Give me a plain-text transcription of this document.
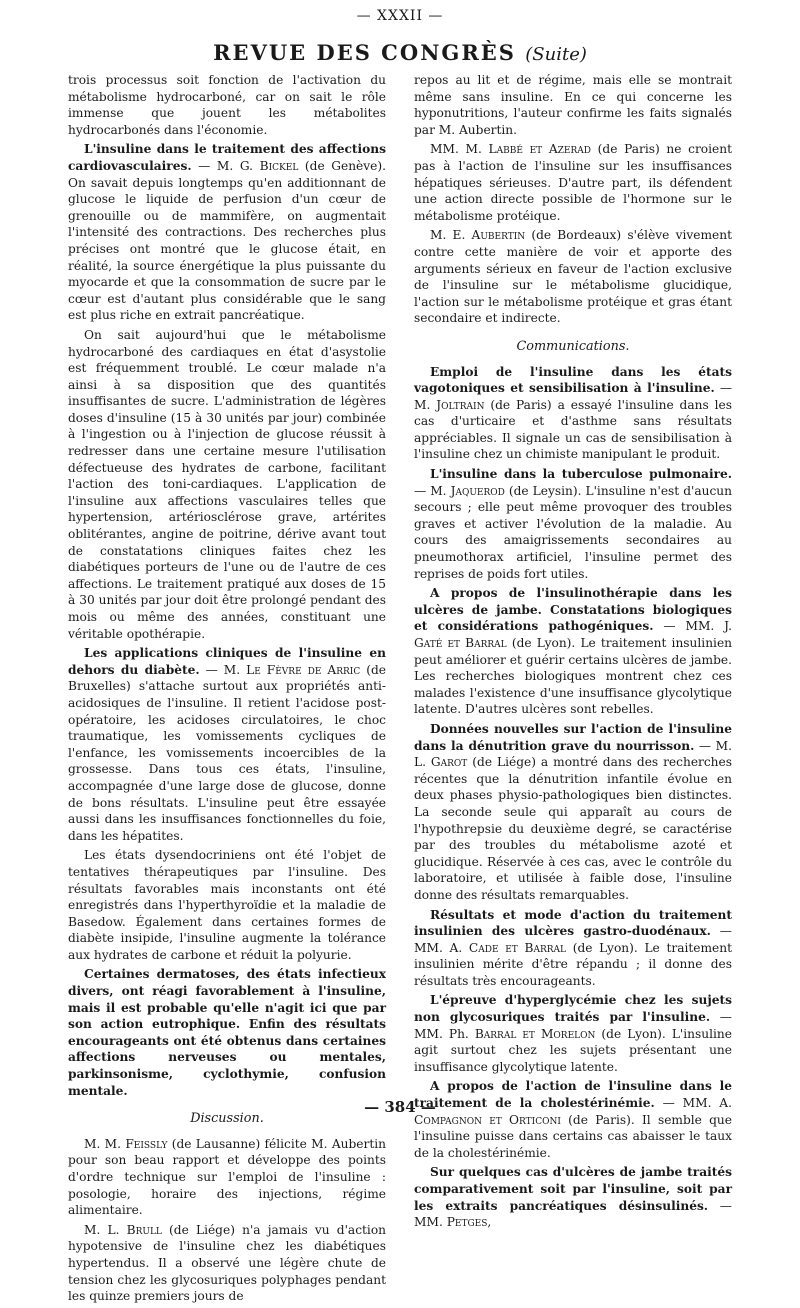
— XXXII —
REVUE DES CONGRÈS (Suite)

trois processus soit fonction de l'activation du métabolisme hydrocarboné, car on sait le rôle immense que jouent les métabolites hydrocarbonés dans l'économie.

L'insuline dans le traitement des affections cardiovasculaires. — M. G. Bickel (de Genève). On savait depuis longtemps qu'en additionnant de glucose le liquide de perfusion d'un cœur de grenouille ou de mammifère, on augmentait l'intensité des contractions. Des recherches plus précises ont montré que le glucose était, en réalité, la source énergétique la plus puissante du myocarde et que la consommation de sucre par le cœur est d'autant plus considérable que le sang est plus riche en extrait pancréatique.

On sait aujourd'hui que le métabolisme hydrocarboné des cardiaques en état d'asystolie est fréquemment troublé. Le cœur malade n'a ainsi à sa disposition que des quantités insuffisantes de sucre. L'administration de légères doses d'insuline (15 à 30 unités par jour) combinée à l'ingestion ou à l'injection de glucose réussit à redresser dans une certaine mesure l'utilisation défectueuse des hydrates de carbone, facilitant l'action des toni-cardiaques. L'application de l'insuline aux affections vasculaires telles que hypertension, artériosclérose grave, artérites oblitérantes, angine de poitrine, dérive avant tout de constatations cliniques faites chez les diabétiques porteurs de l'une ou de l'autre de ces affections. Le traitement pratiqué aux doses de 15 à 30 unités par jour doit être prolongé pendant des mois ou même des années, constituant une véritable opothérapie.

Les applications cliniques de l'insuline en dehors du diabète. — M. Le Fèvre de Arric (de Bruxelles) s'attache surtout aux propriétés anti-acidosiques de l'insuline. Il retient l'acidose post-opératoire, les acidoses circulatoires, le choc traumatique, les vomissements cycliques de l'enfance, les vomissements incoercibles de la grossesse. Dans tous ces états, l'insuline, accompagnée d'une large dose de glucose, donne de bons résultats. L'insuline peut être essayée aussi dans les insuffisances fonctionnelles du foie, dans les hépatites.

Les états dysendocriniens ont été l'objet de tentatives thérapeutiques par l'insuline. Des résultats favorables mais inconstants ont été enregistrés dans l'hyperthyroïdie et la maladie de Basedow. Également dans certaines formes de diabète insipide, l'insuline augmente la tolérance aux hydrates de carbone et réduit la polyurie.

Certaines dermatoses, des états infectieux divers, ont réagi favorablement à l'insuline, mais il est probable qu'elle n'agit ici que par son action eutrophique. Enfin des résultats encourageants ont été obtenus dans certaines affections nerveuses ou mentales, parkinsonisme, cyclothymie, confusion mentale.

Discussion.

M. M. Feissly (de Lausanne) félicite M. Aubertin pour son beau rapport et développe des points d'ordre technique sur l'emploi de l'insuline : posologie, horaire des injections, régime alimentaire.

M. L. Brull (de Liége) n'a jamais vu d'action hypotensive de l'insuline chez les diabétiques hypertendus. Il a observé une légère chute de tension chez les glycosuriques polyphages pendant les quinze premiers jours de

repos au lit et de régime, mais elle se montrait même sans insuline. En ce qui concerne les hyponutritions, l'auteur confirme les faits signalés par M. Aubertin.

MM. M. Labbé et Azerad (de Paris) ne croient pas à l'action de l'insuline sur les insuffisances hépatiques sérieuses. D'autre part, ils défendent une action directe possible de l'hormone sur le métabolisme protéique.

M. E. Aubertin (de Bordeaux) s'élève vivement contre cette manière de voir et apporte des arguments sérieux en faveur de l'action exclusive de l'insuline sur le métabolisme glucidique, l'action sur le métabolisme protéique et gras étant secondaire et indirecte.

Communications.

Emploi de l'insuline dans les états vagotoniques et sensibilisation à l'insuline. — M. Joltrain (de Paris) a essayé l'insuline dans les cas d'urticaire et d'asthme sans résultats appréciables. Il signale un cas de sensibilisation à l'insuline chez un chimiste manipulant le produit.

L'insuline dans la tuberculose pulmonaire. — M. Jaquerod (de Leysin). L'insuline n'est d'aucun secours ; elle peut même provoquer des troubles graves et activer l'évolution de la maladie. Au cours des amaigrissements secondaires au pneumothorax artificiel, l'insuline permet des reprises de poids fort utiles.

A propos de l'insulinothérapie dans les ulcères de jambe. Constatations biologiques et considérations pathogéniques. — MM. J. Gaté et Barral (de Lyon). Le traitement insulinien peut améliorer et guérir certains ulcères de jambe. Les recherches biologiques montrent chez ces malades l'existence d'une insuffisance glycolytique latente. D'autres ulcères sont rebelles.

Données nouvelles sur l'action de l'insuline dans la dénutrition grave du nourrisson. — M. L. Garot (de Liége) a montré dans des recherches récentes que la dénutrition infantile évolue en deux phases physio-pathologiques bien distinctes. La seconde seule qui apparaît au cours de l'hypothrepsie du deuxième degré, se caractérise par des troubles du métabolisme azoté et glucidique. Réservée à ces cas, avec le contrôle du laboratoire, et utilisée à faible dose, l'insuline donne des résultats remarquables.

Résultats et mode d'action du traitement insulinien des ulcères gastro-duodénaux. — MM. A. Cade et Barral (de Lyon). Le traitement insulinien mérite d'être répandu ; il donne des résultats très encourageants.

L'épreuve d'hyperglycémie chez les sujets non glycosuriques traités par l'insuline. — MM. Ph. Barral et Morelon (de Lyon). L'insuline agit surtout chez les sujets présentant une insuffisance glycolytique latente.

A propos de l'action de l'insuline dans le traitement de la cholestérinémie. — MM. A. Compagnon et Orticoni (de Paris). Il semble que l'insuline puisse dans certains cas abaisser le taux de la cholestérinémie.

Sur quelques cas d'ulcères de jambe traités comparativement soit par l'insuline, soit par les extraits pancréatiques désinsulinés. — MM. Petges,

— 384 —
